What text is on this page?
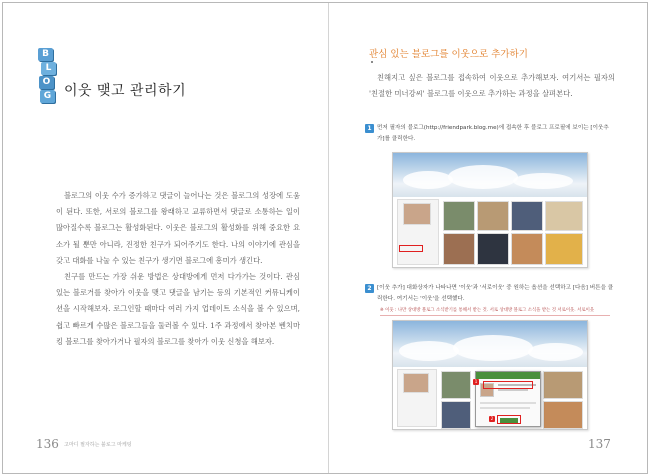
B
L
O
G 이웃 맺고 관리하기

블로그의 이웃 수가 증가하고 댓글이 늘어나는 것은 블로그의 성장에 도움이 된다. 또한, 서로의 블로그를 왕래하고 교류하면서 댓글로 소통하는 일이 많아질수록 블로그는 활성화된다. 이웃은 블로그의 활성화를 위해 중요한 요소가 될 뿐만 아니라, 진정한 친구가 되어주기도 한다. 나의 이야기에 관심을 갖고 대화를 나눌 수 있는 친구가 생기면 블로그에 흥미가 생긴다.

친구를 만드는 가장 쉬운 방법은 상대방에게 먼저 다가가는 것이다. 관심 있는 블로거를 찾아가 이웃을 맺고 댓글을 남기는 등의 기본적인 커뮤니케이션을 시작해보자. 로그인할 때마다 여러 가지 업데이트 소식을 볼 수 있으며, 쉽고 빠르게 수많은 블로그들을 둘러볼 수 있다. 1주 과정에서 찾아본 벤치마킹 블로그를 찾아가거나 필자의 블로그를 찾아가 이웃 신청을 해보자.

136 고마디 필자하는 블로그 마케팅
관심 있는 블로그를 이웃으로 추가하기
친해지고 싶은 블로그를 접속하여 이웃으로 추가해보자. 여기서는 필자의 '친절한 미너강씨' 블로그를 이웃으로 추가하는 과정을 살펴본다.
1 먼저 필자의 블로그(http://friendpark.blog.me)에 접속한 후 블로그 프로필에 보이는 [이웃추가]를 클릭한다.
2 [이웃 추가] 대화상자가 나타나면 '이웃'과 '서로이웃' 중 원하는 옵션을 선택하고 [다음] 버튼을 클릭한다. 여기서는 '이웃'을 선택했다.
※ 이웃 : 나만 상대방 블로그 소식받기를 통해서 받는 것. 서로 상대방 블로그 소식을 받는 것 서로이웃. 서로이웃
1
2
137
